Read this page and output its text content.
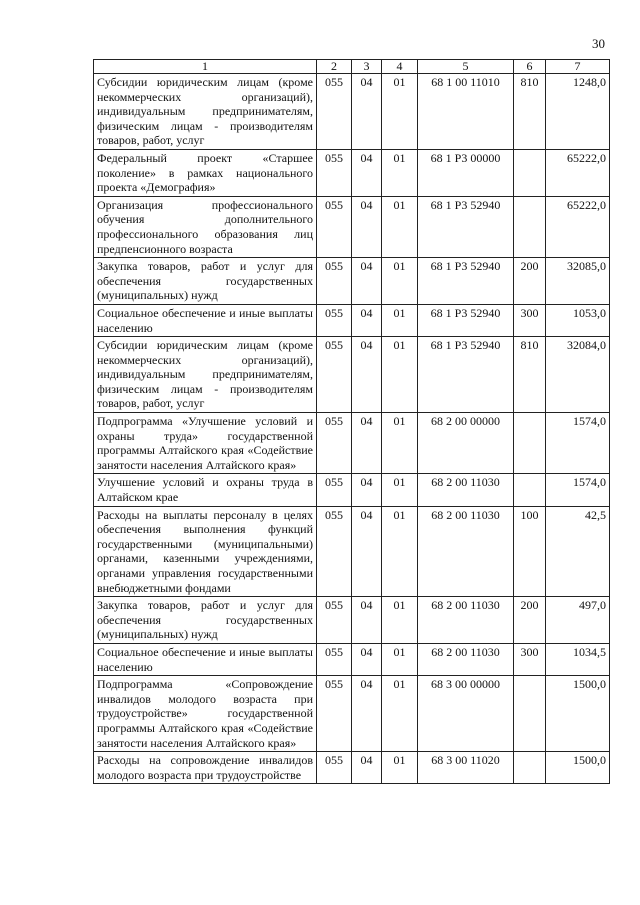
30
1	2	3	4	5	6	7
Субсидии юридическим лицам (кроме некоммерческих организаций), индивидуальным предпринимателям, физическим лицам - производителям товаров, работ, услуг	055	04	01	68 1 00 11010	810	1248,0
Федеральный проект «Старшее поколение» в рамках национального проекта «Демография»	055	04	01	68 1 P3 00000		65222,0
Организация профессионального обучения дополнительного профессионального образования лиц предпенсионного возраста	055	04	01	68 1 P3 52940		65222,0
Закупка товаров, работ и услуг для обеспечения государственных (муниципальных) нужд	055	04	01	68 1 P3 52940	200	32085,0
Социальное обеспечение и иные выплаты населению	055	04	01	68 1 P3 52940	300	1053,0
Субсидии юридическим лицам (кроме некоммерческих организаций), индивидуальным предпринимателям, физическим лицам - производителям товаров, работ, услуг	055	04	01	68 1 P3 52940	810	32084,0
Подпрограмма «Улучшение условий и охраны труда» государственной программы Алтайского края «Содействие занятости населения Алтайского края»	055	04	01	68 2 00 00000		1574,0
Улучшение условий и охраны труда в Алтайском крае	055	04	01	68 2 00 11030		1574,0
Расходы на выплаты персоналу в целях обеспечения выполнения функций государственными (муниципальными) органами, казенными учреждениями, органами управления государственными внебюджетными фондами	055	04	01	68 2 00 11030	100	42,5
Закупка товаров, работ и услуг для обеспечения государственных (муниципальных) нужд	055	04	01	68 2 00 11030	200	497,0
Социальное обеспечение и иные выплаты населению	055	04	01	68 2 00 11030	300	1034,5
Подпрограмма «Сопровождение инвалидов молодого возраста при трудоустройстве» государственной программы Алтайского края «Содействие занятости населения Алтайского края»	055	04	01	68 3 00 00000		1500,0
Расходы на сопровождение инвалидов молодого возраста при трудоустройстве	055	04	01	68 3 00 11020		1500,0
